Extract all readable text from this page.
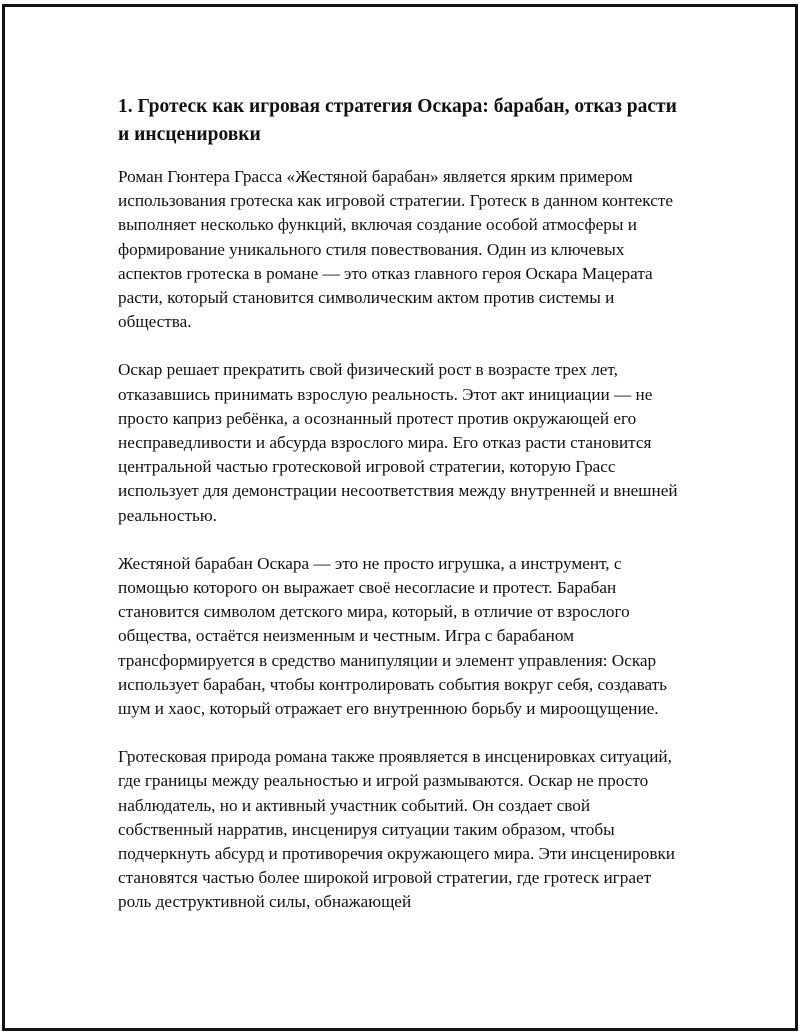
1. Гротеск как игровая стратегия Оскара: барабан, отказ расти и инсценировки

Роман Гюнтера Грасса «Жестяной барабан» является ярким примером использования гротеска как игровой стратегии. Гротеск в данном контексте выполняет несколько функций, включая создание особой атмосферы и формирование уникального стиля повествования. Один из ключевых аспектов гротеска в романе — это отказ главного героя Оскара Мацерата расти, который становится символическим актом против системы и общества.

Оскар решает прекратить свой физический рост в возрасте трех лет, отказавшись принимать взрослую реальность. Этот акт инициации — не просто каприз ребёнка, а осознанный протест против окружающей его несправедливости и абсурда взрослого мира. Его отказ расти становится центральной частью гротесковой игровой стратегии, которую Грасс использует для демонстрации несоответствия между внутренней и внешней реальностью.

Жестяной барабан Оскара — это не просто игрушка, а инструмент, с помощью которого он выражает своё несогласие и протест. Барабан становится символом детского мира, который, в отличие от взрослого общества, остаётся неизменным и честным. Игра с барабаном трансформируется в средство манипуляции и элемент управления: Оскар использует барабан, чтобы контролировать события вокруг себя, создавать шум и хаос, который отражает его внутреннюю борьбу и мироощущение.

Гротесковая природа романа также проявляется в инсценировках ситуаций, где границы между реальностью и игрой размываются. Оскар не просто наблюдатель, но и активный участник событий. Он создает свой собственный нарратив, инсценируя ситуации таким образом, чтобы подчеркнуть абсурд и противоречия окружающего мира. Эти инсценировки становятся частью более широкой игровой стратегии, где гротеск играет роль деструктивной силы, обнажающей
